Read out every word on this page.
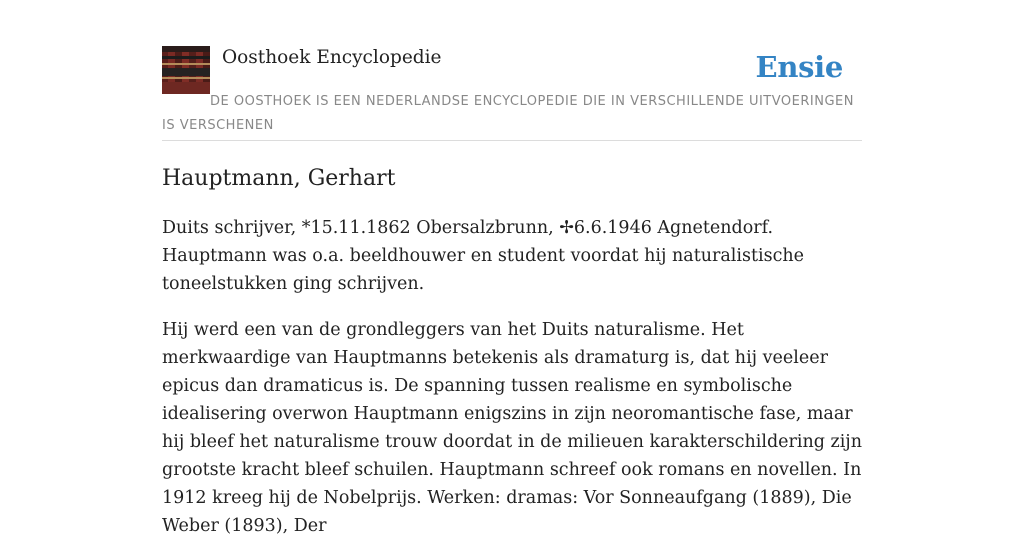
Oosthoek Encyclopedie	Ensie
DE OOSTHOEK IS EEN NEDERLANDSE ENCYCLOPEDIE DIE IN VERSCHILLENDE UITVOERINGEN IS VERSCHENEN
Hauptmann, Gerhart

Duits schrijver, *15.11.1862 Obersalzbrunn, ✢6.6.1946 Agnetendorf. Hauptmann was o.a. beeldhouwer en student voordat hij naturalistische toneelstukken ging schrijven.

Hij werd een van de grondleggers van het Duits naturalisme. Het merkwaardige van Hauptmanns betekenis als dramaturg is, dat hij veeleer epicus dan dramaticus is. De spanning tussen realisme en symbolische idealisering overwon Hauptmann enigszins in zijn neoromantische fase, maar hij bleef het naturalisme trouw doordat in de milieuen karakterschildering zijn grootste kracht bleef schuilen. Hauptmann schreef ook romans en novellen. In 1912 kreeg hij de Nobelprijs. Werken: dramas: Vor Sonneaufgang (1889), Die Weber (1893), Der
